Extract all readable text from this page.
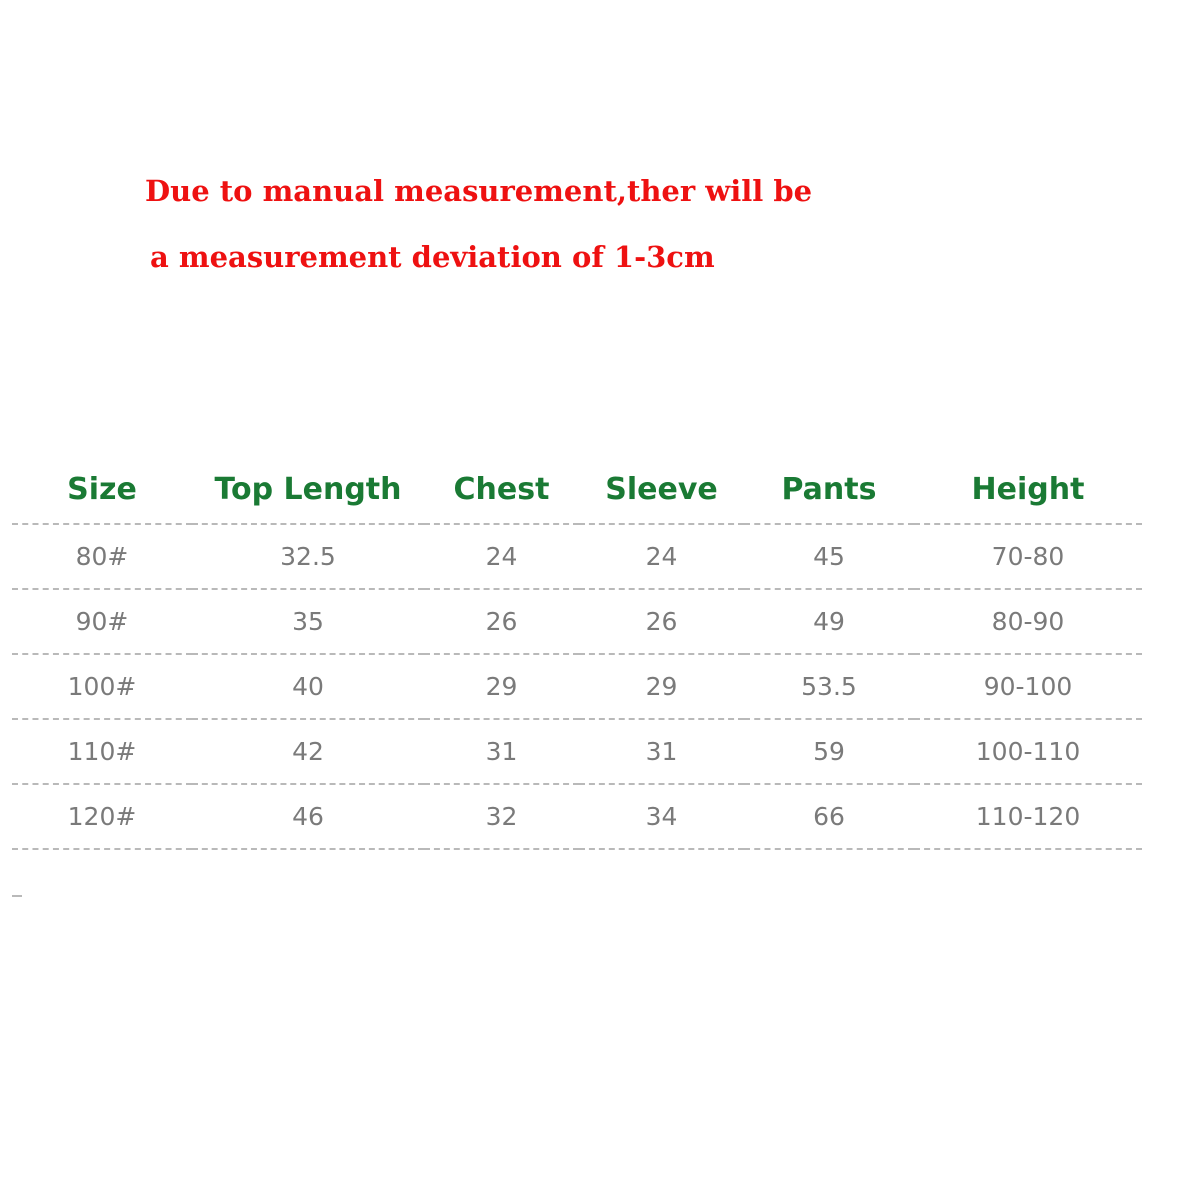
Due to manual measurement,ther will be
a measurement deviation of 1-3cm
Size	Top Length	Chest	Sleeve	Pants	Height
80#	32.5	24	24	45	70-80
90#	35	26	26	49	80-90
100#	40	29	29	53.5	90-100
110#	42	31	31	59	100-110
120#	46	32	34	66	110-120
